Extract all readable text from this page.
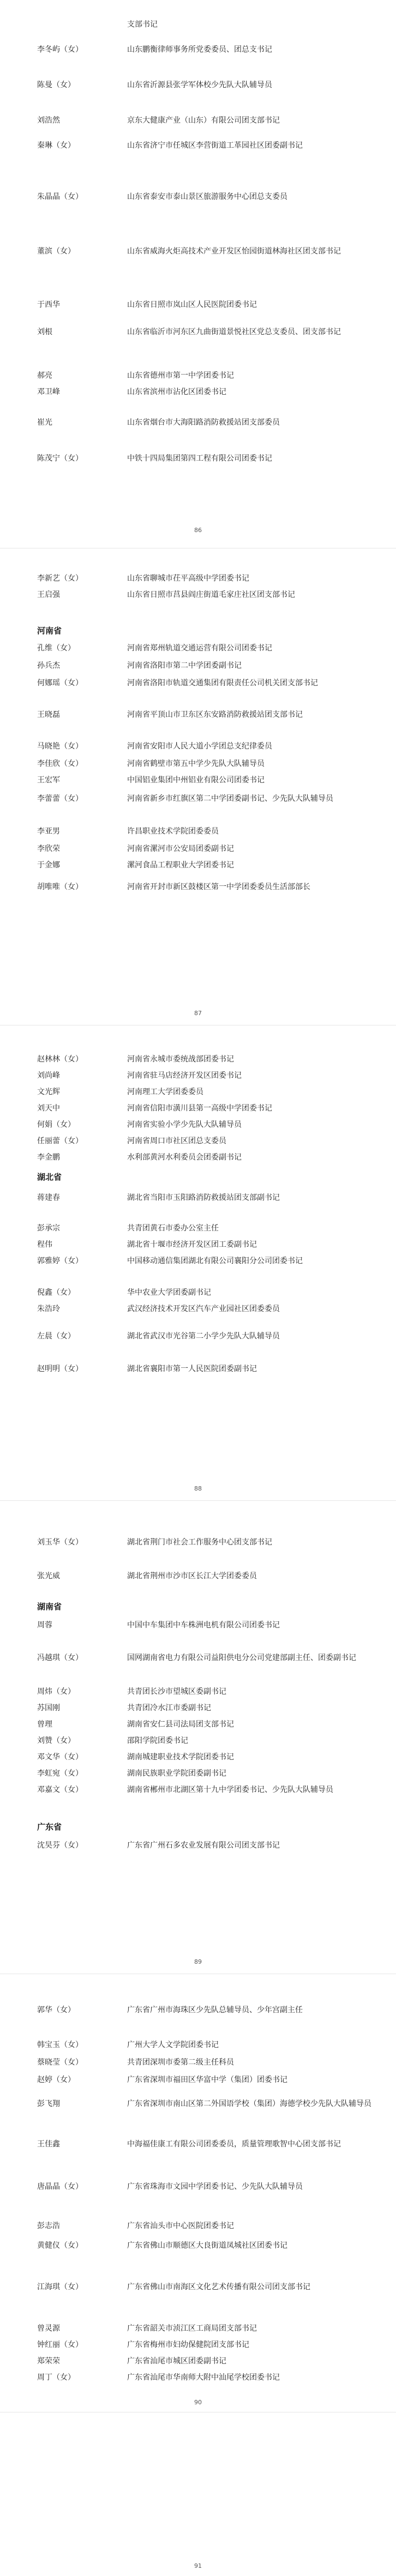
支部书记
李冬屿（女）	山东鹏衡律师事务所党委委员、团总支书记
陈曼（女）	山东省沂源县张学军体校少先队大队辅导员
刘浩然	京东大健康产业（山东）有限公司团支部书记
秦琳（女）	山东省济宁市任城区李营街道工革园社区团委副书记
朱晶晶（女）	山东省泰安市泰山景区旅游服务中心团总支委员
董滨（女）	山东省威海火炬高技术产业开发区怡园街道林海社区团支部书记
于西华	山东省日照市岚山区人民医院团委书记
刘根	山东省临沂市河东区九曲街道景悦社区党总支委员、团支部书记
郝亮	山东省德州市第一中学团委书记
邓卫峰	山东省滨州市沾化区团委书记
崔光	山东省烟台市大海阳路消防救援站团支部委员
陈茂宁（女）	中铁十四局集团第四工程有限公司团委书记
86
李新艺（女）	山东省聊城市茌平高级中学团委书记
王启强	山东省日照市莒县阎庄街道毛家庄社区团支部书记
河南省
孔维（女）	河南省郑州轨道交通运营有限公司团委书记
孙兵杰	河南省洛阳市第二中学团委副书记
何娜瑶（女）	河南省洛阳市轨道交通集团有限责任公司机关团支部书记
王晓磊	河南省平顶山市卫东区东安路消防救援站团支部书记
马晓艳（女）	河南省安阳市人民大道小学团总支纪律委员
李佳欣（女）	河南省鹤壁市第五中学少先队大队辅导员
王宏军	中国铝业集团中州铝业有限公司团委书记
李蕾蕾（女）	河南省新乡市红旗区第二中学团委副书记、少先队大队辅导员
李亚男	许昌职业技术学院团委委员
李欣荣	河南省漯河市公安局团委副书记
于金娜	漯河食品工程职业大学团委书记
胡唯唯（女）	河南省开封市新区鼓楼区第一中学团委委员生活部部长
87
赵林林（女）	河南省永城市委统战部团委书记
刘尚峰	河南省驻马店经济开发区团委书记
文光辉	河南理工大学团委委员
刘天中	河南省信阳市潢川县第一高级中学团委书记
何娟（女）	河南省实验小学少先队大队辅导员
任丽蕾（女）	河南省周口市社区团总支委员
李金鹏	水利部黄河水利委员会团委副书记
湖北省
蒋建春	湖北省当阳市玉阳路消防救援站团支部副书记
彭承宗	共青团黄石市委办公室主任
程伟	湖北省十堰市经济开发区团工委副书记
郭雅婷（女）	中国移动通信集团湖北有限公司襄阳分公司团委书记
倪鑫（女）	华中农业大学团委副书记
朱浩玲	武汉经济技术开发区汽车产业园社区团委委员
左晨（女）	湖北省武汉市光谷第二小学少先队大队辅导员
赵明明（女）	湖北省襄阳市第一人民医院团委副书记
88
刘玉华（女）	湖北省荆门市社会工作服务中心团支部书记
张光威	湖北省荆州市沙市区长江大学团委委员
湖南省
周蓉	中国中车集团中车株洲电机有限公司团委书记
冯越琪（女）	国网湖南省电力有限公司益阳供电分公司党建部副主任、团委副书记
周炜（女）	共青团长沙市望城区委副书记
苏国刚	共青团冷水江市委副书记
曾理	湖南省安仁县司法局团支部书记
刘赞（女）	邵阳学院团委书记
邓文华（女）	湖南城建职业技术学院团委书记
李虹宛（女）	湖南民族职业学院团委副书记
邓嘉文（女）	湖南省郴州市北湖区第十九中学团委书记、少先队大队辅导员
广东省
沈昊芬（女）	广东省广州石多农业发展有限公司团支部书记
89
郭华（女）	广东省广州市海珠区少先队总辅导员、少年宫副主任
韩宝玉（女）	广州大学人文学院团委书记
蔡晓莹（女）	共青团深圳市委第二级主任科员
赵婷（女）	广东省深圳市福田区华富中学（集团）团委书记
彭飞翔	广东省深圳市南山区第二外国语学校（集团）海德学校少先队大队辅导员
王佳鑫	中海福佳康工有限公司团委委员，质量管理歌智中心团支部书记
唐晶晶（女）	广东省珠海市文园中学团委书记、少先队大队辅导员
彭志浩	广东省汕头市中心医院团委书记
黄健仪（女）	广东省佛山市顺德区大良街道凤城社区团委书记
江海琪（女）	广东省佛山市南海区文化艺术传播有限公司团支部书记
曾灵源	广东省韶关市浈江区工商局团支部书记
钟红丽（女）	广东省梅州市妇幼保健院团支部书记
郑荣荣	广东省汕尾市城区团委副书记
周丁（女）	广东省汕尾市华南师大附中汕尾学校团委书记
90
91
